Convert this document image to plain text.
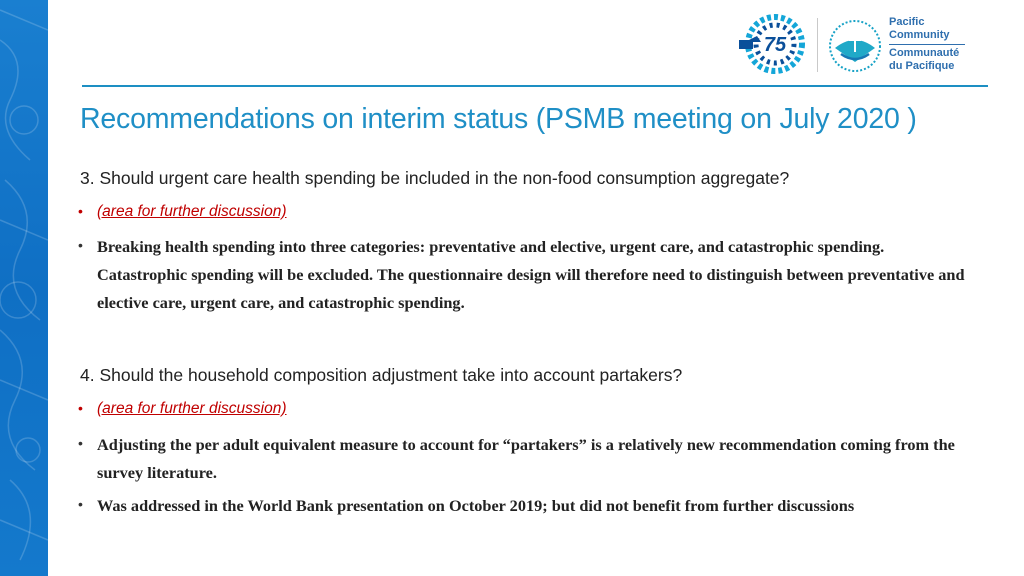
75
Pacific
Community
Communauté
du Pacifique
Recommendations on interim status (PSMB meeting on July 2020 )
3. Should urgent care health spending be included in the non-food consumption aggregate?
• (area for further discussion)
• Breaking health spending into three categories: preventative and elective, urgent care, and catastrophic spending. Catastrophic spending will be excluded. The questionnaire design will therefore need to distinguish between preventative and elective care, urgent care, and catastrophic spending.
4. Should the household composition adjustment take into account partakers?
• (area for further discussion)
• Adjusting the per adult equivalent measure to account for “partakers” is a relatively new recommendation coming from the survey literature.
• Was addressed in the World Bank presentation on October 2019; but did not benefit from further discussions
